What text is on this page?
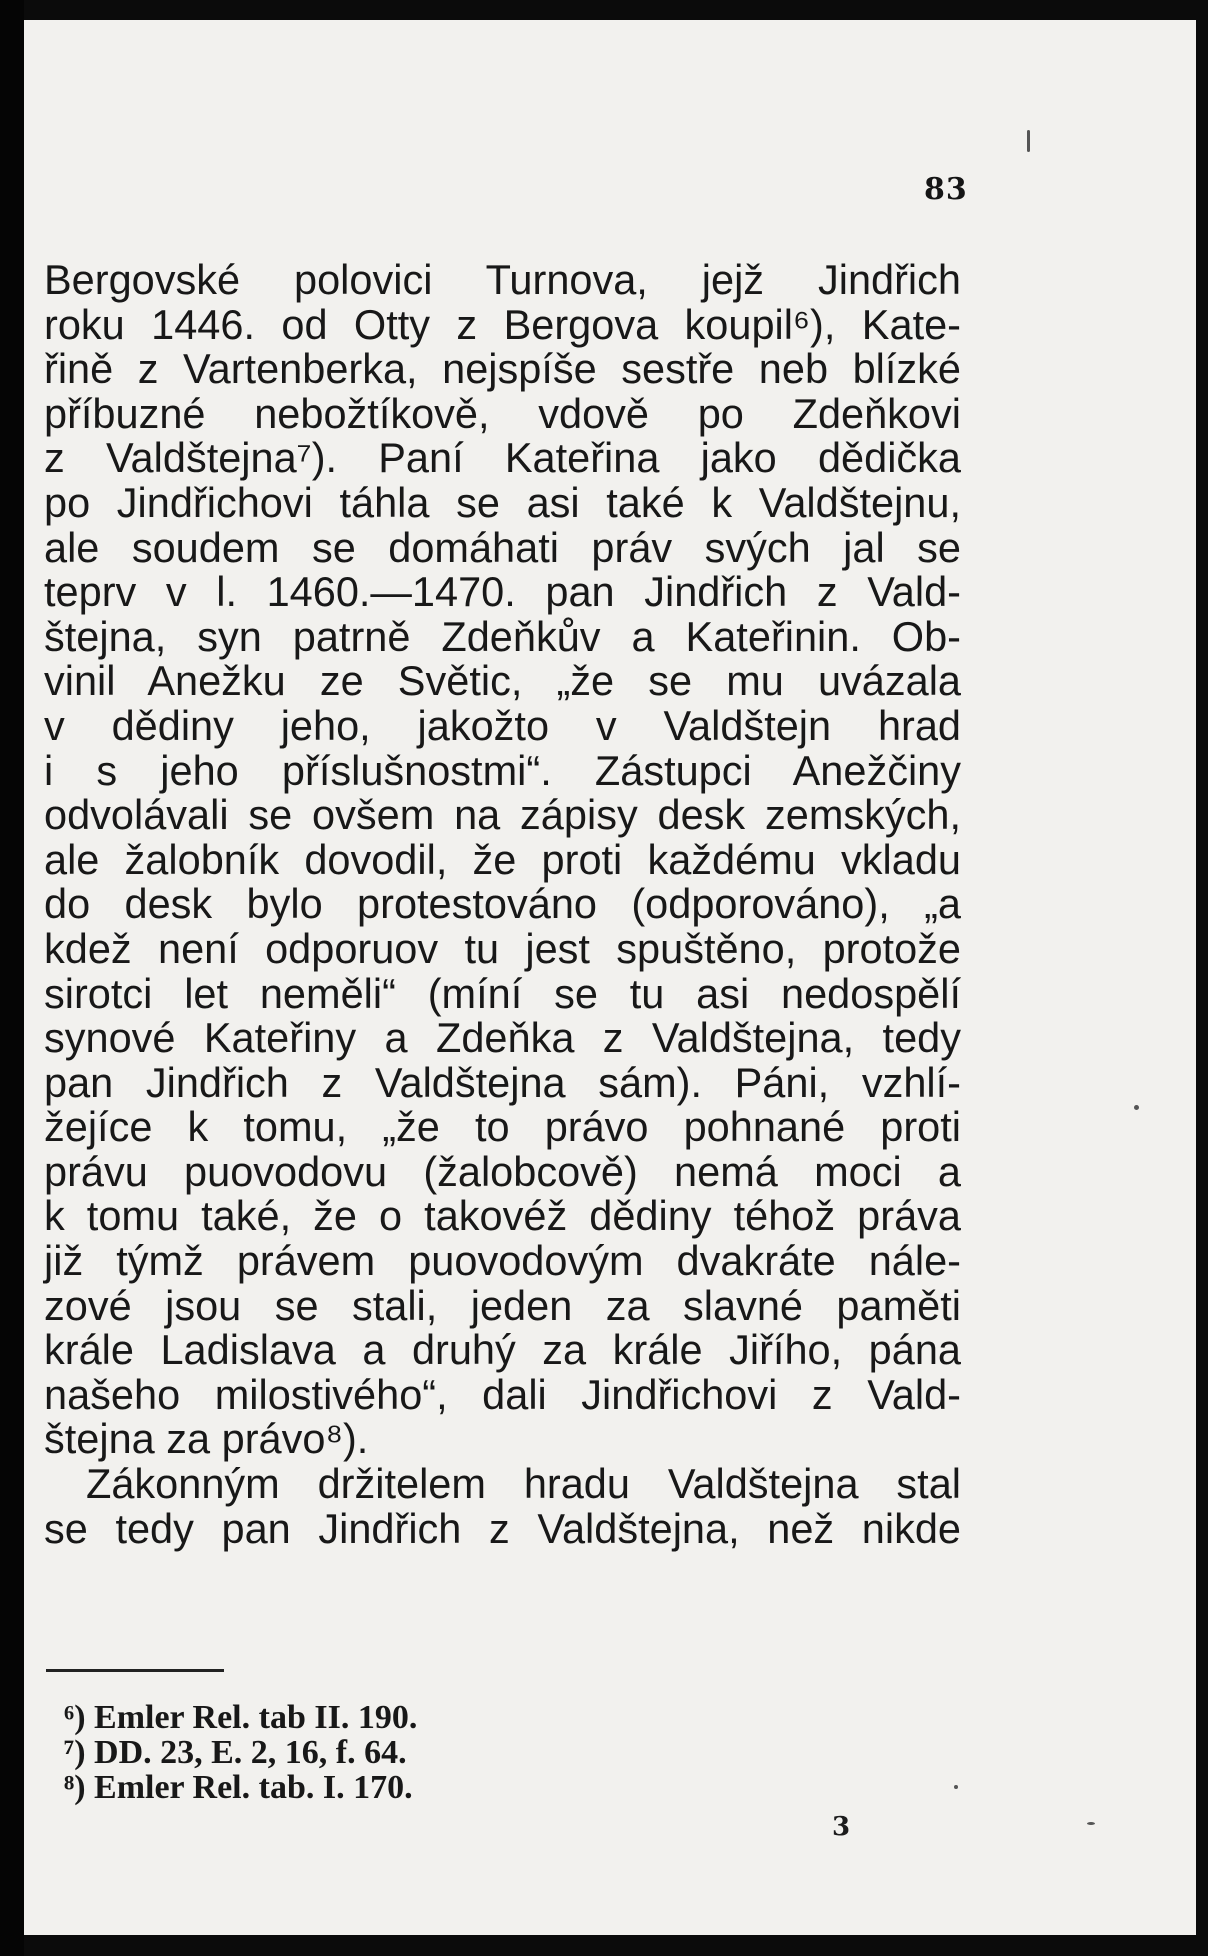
83
Bergovské polovici Turnova, jejž Jindřich
roku 1446. od Otty z Bergova koupil⁶), Kate-
řině z Vartenberka, nejspíše sestře neb blízké
příbuzné nebožtíkově, vdově po Zdeňkovi
z Valdštejna⁷). Paní Kateřina jako dědička
po Jindřichovi táhla se asi také k Valdštejnu,
ale soudem se domáhati práv svých jal se
teprv v l. 1460.—1470. pan Jindřich z Vald-
štejna, syn patrně Zdeňkův a Kateřinin. Ob-
vinil Anežku ze Světic, „že se mu uvázala
v dědiny jeho, jakožto v Valdštejn hrad
i s jeho příslušnostmi“. Zástupci Anežčiny
odvolávali se ovšem na zápisy desk zemských,
ale žalobník dovodil, že proti každému vkladu
do desk bylo protestováno (odporováno), „a
kdež není odporuov tu jest spuštěno, protože
sirotci let neměli“ (míní se tu asi nedospělí
synové Kateřiny a Zdeňka z Valdštejna, tedy
pan Jindřich z Valdštejna sám). Páni, vzhlí-
žejíce k tomu, „že to právo pohnané proti
právu puovodovu (žalobcově) nemá moci a
k tomu také, že o takovéž dědiny téhož práva
již týmž právem puovodovým dvakráte nále-
zové jsou se stali, jeden za slavné paměti
krále Ladislava a druhý za krále Jiřího, pána
našeho milostivého“, dali Jindřichovi z Vald-
štejna za právo⁸).
Zákonným držitelem hradu Valdštejna stal
se tedy pan Jindřich z Valdštejna, než nikde
⁶) Emler Rel. tab II. 190.
⁷) DD. 23, E. 2, 16, f. 64.
⁸) Emler Rel. tab. I. 170.
3
